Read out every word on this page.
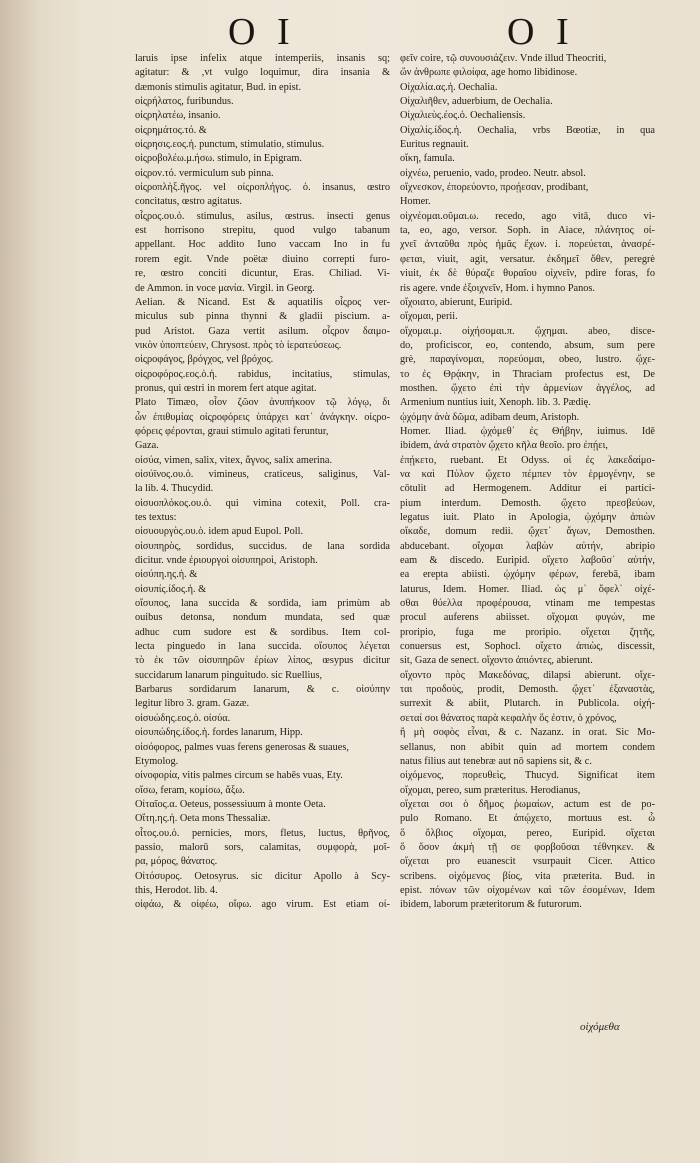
O I	O I
laruis ipse infelix atque intemperiis, insanis sq;
agitatur: & ,vt vulgo loquimur, dira insania &
dæmonis stimulis agitatur, Bud. in epist.
οἰςρήλατος, furibundus.
οἰςρηλατέω, insanio.
οἰςρημάτος.τό. &
οἰςρησις.εος.ἡ. punctum, stimulatio, stimulus.
οἰςροβολέω.μ.ήσω. stimulo, in Epigram.
οἰςρον.τό. vermiculum sub pinna.
οἰςροπλὴξ.ῆγος. vel οἰςροπλήγος. ὁ. insanus, œstro
concitatus, œstro agitatus.
οἶςρος.ου.ὁ. stimulus, asilus, œstrus. insecti genus
est horrisono strepitu, quod vulgo tabanum
appellant. Hoc addito Iuno vaccam Ino in fu
rorem egit. Vnde poëtæ diuino correpti furo-
re, œstro conciti dicuntur, Eras. Chiliad. Vi-
de Ammon. in voce μανία. Virgil. in Georg.
Aelian. & Nicand. Est & aquatilis οἶςρος ver-
miculus sub pinna thynni & gladii piscium. a-
pud Aristot. Gaza vertit asilum. οἶςρον δαιμο-
νικὸν ὑποπτεύειν, Chrysost. πρὸς τὸ ἱερατεύσεως.
οἰςροφάγος, βρόγχος, vel βρόχος.
οἰςροφόρος.εος.ὁ.ἡ. rabidus, incitatius, stimulas,
pronus, qui œstri in morem fert atque agitat.
Plato Timæo, οἷον ζῶον ἀνυπήκοον τῷ λόγῳ, δι
ὧν ἐπιθυμίας οἰςροφόρεις ὑπάρχει κατ᾽ ἀνάγκην. οἰςρο-
φόρεις φέρονται, graui stimulo agitati feruntur,
Gaza.
οἰσύα, vimen, salix, vitex, ἄγνος, salix amerina.
οἰσύϊνος.ου.ὁ. vimineus, craticeus, saliginus, Val-
la lib. 4. Thucydid.
οἰσυοπλόκος.ου.ὁ. qui vimina cotexit, Poll. cra-
tes textus:
οἰσυουργὸς.ου.ὁ. idem apud Eupol. Poll.
οἰσυπηρὸς, sordidus, succidus. de lana sordida
dicitur. vnde ἐριουργοὶ οἰσυπηροὶ, Aristoph.
οἰσύπη.ης.ἡ. &
οἰσυπίς.ίδος.ἡ. &
οἴσυπος, lana succida & sordida, iam primùm ab
ouibus detonsa, nondum mundata, sed quæ
adhuc cum sudore est & sordibus. Item col-
lecta pinguedo in lana succida. οἴσυπος λέγεται
τὸ ἐκ τῶν οἰσυπηρῶν ἐρίων λίπος, œsypus dicitur
succidarum lanarum pinguitudo. sic Ruellius,
Barbarus sordidarum lanarum, & c. οἰσύπην
legitur libro 3. gram. Gazæ.
οἰσυώδης.εος.ὁ. οἰσύα.
οἰσυπώδης.ίδος.ἡ. fordes lanarum, Hipp.
οἰσόφορος, palmes vuas ferens generosas & suaues,
Etymolog.
οἰνοφορία, vitis palmes circum se habēs vuas, Ety.
οἴσω, feram, κομίσω, ἄξω.
Οἰταῖος.α. Oeteus, possessiuum à monte Oeta.
Οἴτη.ης.ἡ. Oeta mons Thessaliæ.
οἶτος.ου.ὁ. pernicies, mors, fletus, luctus, θρῆνος,
passio, malorū sors, calamitas, συμφορὰ, μοῖ-
ρα, μόρος, θάνατος.
Οἰτόσυρος. Oetosyrus. sic dicitur Apollo à Scy-
this, Herodot. lib. 4.
οἰφάω, & οἰφέω, οἴφω. ago virum. Est etiam οἰ-
φεῖν coire, τῷ συνουσιάζειν. Vnde illud Theocriti,
ὤν ἀνθρωπε φιλοίφα, age homo libidinose.
Οἰχαλία.ας.ἡ. Oechalia.
Οἰχαλιῆθεν, aduerbium, de Oechalia.
Οἰχαλιεὺς.έος.ὁ. Oechaliensis.
Οἰχαλίς.ίδος.ἡ. Oechalia, vrbs Bœotiæ, in qua
Euritus regnauit.
οἴκη, famula.
οἰχνέω, peruenio, vado, prodeo. Neutr. absol.
οἴχνεσκον, ἐπορεύοντο, προῄεσαν, prodibant,
Homer.
οἰχνέομαι.οῦμαι.ω. recedo, ago vitā, duco vi-
ta, eo, ago, versor. Soph. in Aiace, πλάνητος οἰ-
χνεῖ ἀνταῦθα πρὸς ἡμᾶς ἔχων. i. πορεύεται, ἀνασρέ-
φεται, viuit, agit, versatur. ἐκδημεῖ ὅθεν, peregrè
viuit, ἐκ δὲ θύραζε θυραῖου οἰχνεῖν, pdire foras, fo
ris agere. vnde ἐξοιχνεῖν, Hom. i hymno Panos.
οἴχοιατο, abierunt, Euripid.
οἴχομαι, perii.
οἴχομαι.μ. οἰχήσομαι.π. ᾤχημαι. abeo, disce-
do, proficiscor, eo, contendo, absum, sum pere
grè, παραγίνομαι, πορεύομαι, obeo, lustro. ᾤχε-
το ἐς Θρᾴκην, in Thraciam profectus est, De
mosthen. ᾤχετο ἐπὶ τὴν ἀρμενίων ἀγγέλος, ad
Armenium nuntius iuit, Xenoph. lib. 3. Pædię.
ᾠχόμην ἀνὰ δῶμα, adibam deum, Aristoph.
Homer. Iliad. ᾠχόμεθ᾽ ἐς Θήβην, iuimus. Idē
ibidem, ἀνά στρατὸν ᾤχετο κῆλα θεοῖο. pro ἐπῄει,
ἐπῄκετο, ruebant. Et Odyss. οἱ ἐς λακεδαίμο-
να καὶ Πύλον ᾤχετο πέμπεν τὸν ἑρμογένην, se
cōtulit ad Hermogenem. Additur ei partici-
pium interdum. Demosth. ᾤχετο πρεσβεύων,
legatus iuit. Plato in Apologia, ᾠχόμην ἀπιὼν
οἴκαδε, domum redii. ᾤχετ᾽ ἄγων, Demosthen.
abducebant. οἴχομαι λαβὼν αὐτήν, abripio
eam & discedo. Euripid. οἴχετο λαβοῦσ᾽ αὐτήν,
ea erepta abiisti. ᾠχόμην φέρων, ferebā, ibam
laturus, Idem. Homer. Iliad. ὡς μ᾽ ὄφελ᾽ οἰχέ-
σθαι θύελλα προφέρουσα, vtinam me tempestas
procul auferens abiisset. οἴχομαι φυγών, me
proripio, fuga me proripio. οἴχεται ζητῆς,
conuersus est, Sophocl. οἴχετο ἀπιὼς, discessit,
sit, Gaza de senect. οἴχοντο ἀπιόντες, abierunt.
οἴχοντο πρὸς Μακεδόνας, dilapsi abierunt. οἴχε-
ται προδοὺς, prodit, Demosth. ᾤχετ᾽ ἐξαναστὰς,
surrexit & abiit, Plutarch. in Publicola. οἰχή-
σεταί σοι θάνατος παρὰ κεφαλὴν ὅς ἐστιν, ὁ χρόνος,
ἢ μὴ σοφὸς εἶναι, & c. Nazanz. in orat. Sic Mo-
sellanus, non abibit quin ad mortem condem
natus filius aut tenebræ aut nō sapiens sit, & c.
οἰχόμενος, πορευθεὶς, Thucyd. Significat item
οἴχομαι, pereo, sum præteritus. Herodianus,
οἴχεται σοι ὁ δῆμος ῥωμαίων, actum est de po-
pulo Romano. Et ἀπῴχετο, mortuus est. ὦ
ὅ ὄλβιος οἴχομαι, pereo, Euripid. οἴχεται
ὅ ὅσον ἀκμὴ τῇ σε φορβοῦσαι τέθνηκεν. &
οἴχεται pro euanescit vsurpauit Cicer. Attico
scribens. οἰχόμενος βίος, vita præterita. Bud. in
epist. πόνων τῶν οἰχομένων καὶ τῶν ἐσομένων, Idem
ibidem, laborum præteritorum & futurorum.
οἰχόμεθα
